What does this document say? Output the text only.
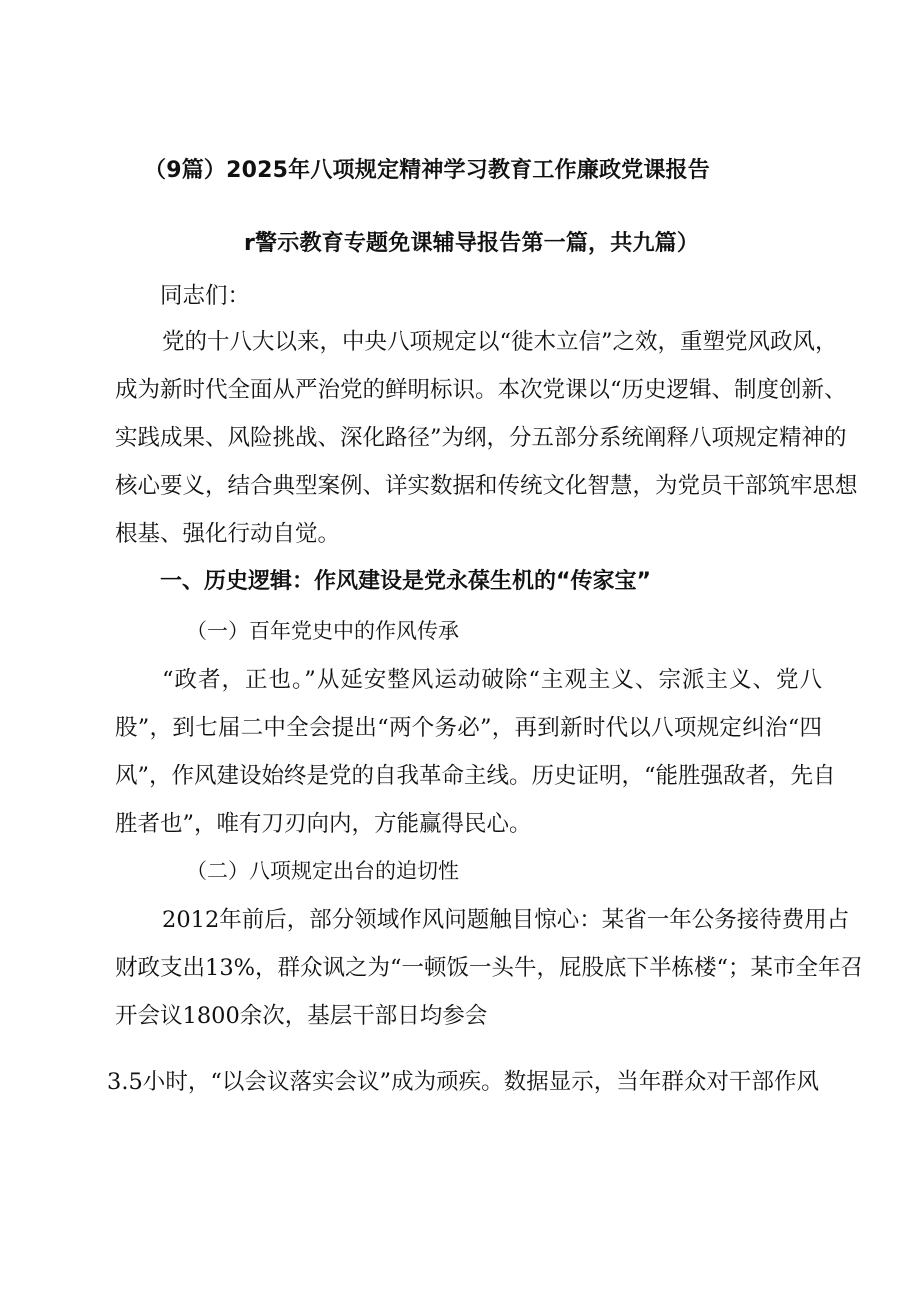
（9篇）2025年八项规定精神学习教育工作廉政党课报告
r警示教育专题免课辅导报告第一篇，共九篇）
同志们：
党的十八大以来，中央八项规定以“徙木立信”之效，重塑党风政风，
成为新时代全面从严治党的鲜明标识。本次党课以“历史逻辑、制度创新、
实践成果、风险挑战、深化路径”为纲，分五部分系统阐释八项规定精神的
核心要义，结合典型案例、详实数据和传统文化智慧，为党员干部筑牢思想
根基、强化行动自觉。
一、历史逻辑：作风建设是党永葆生机的“传家宝”
（一）百年党史中的作风传承
“政者，正也。”从延安整风运动破除“主观主义、宗派主义、党八
股”，到七届二中全会提出“两个务必”，再到新时代以八项规定纠治“四
风”，作风建设始终是党的自我革命主线。历史证明，“能胜强敌者，先自
胜者也”，唯有刀刃向内，方能赢得民心。
（二）八项规定出台的迫切性
2012年前后，部分领域作风问题触目惊心：某省一年公务接待费用占
财政支出13%，群众讽之为“一顿饭一头牛，屁股底下半栋楼“；某市全年召
开会议1800余次，基层干部日均参会
3.5小时，“以会议落实会议”成为顽疾。数据显示，当年群众对干部作风
